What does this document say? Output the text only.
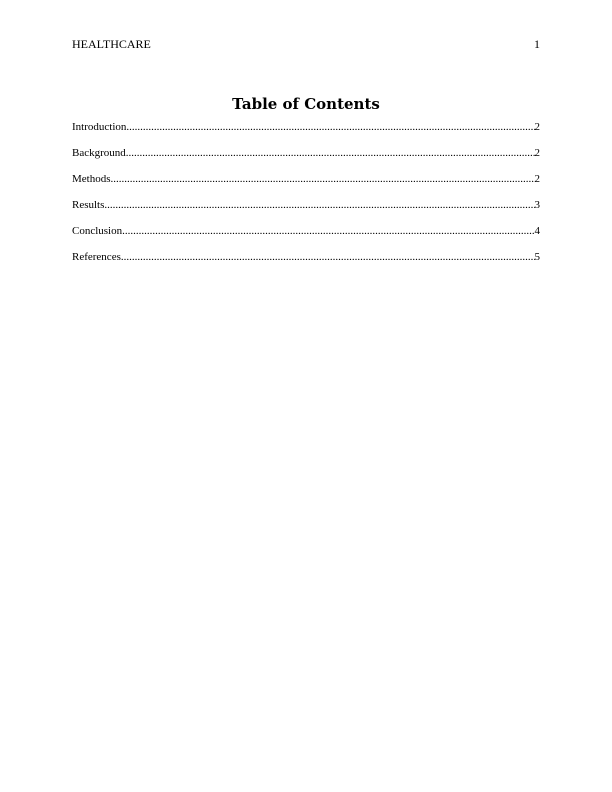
HEALTHCARE	1
Table of Contents
Introduction .....	2
Background .....	2
Methods .....	2
Results .....	3
Conclusion .....	4
References .....	5
